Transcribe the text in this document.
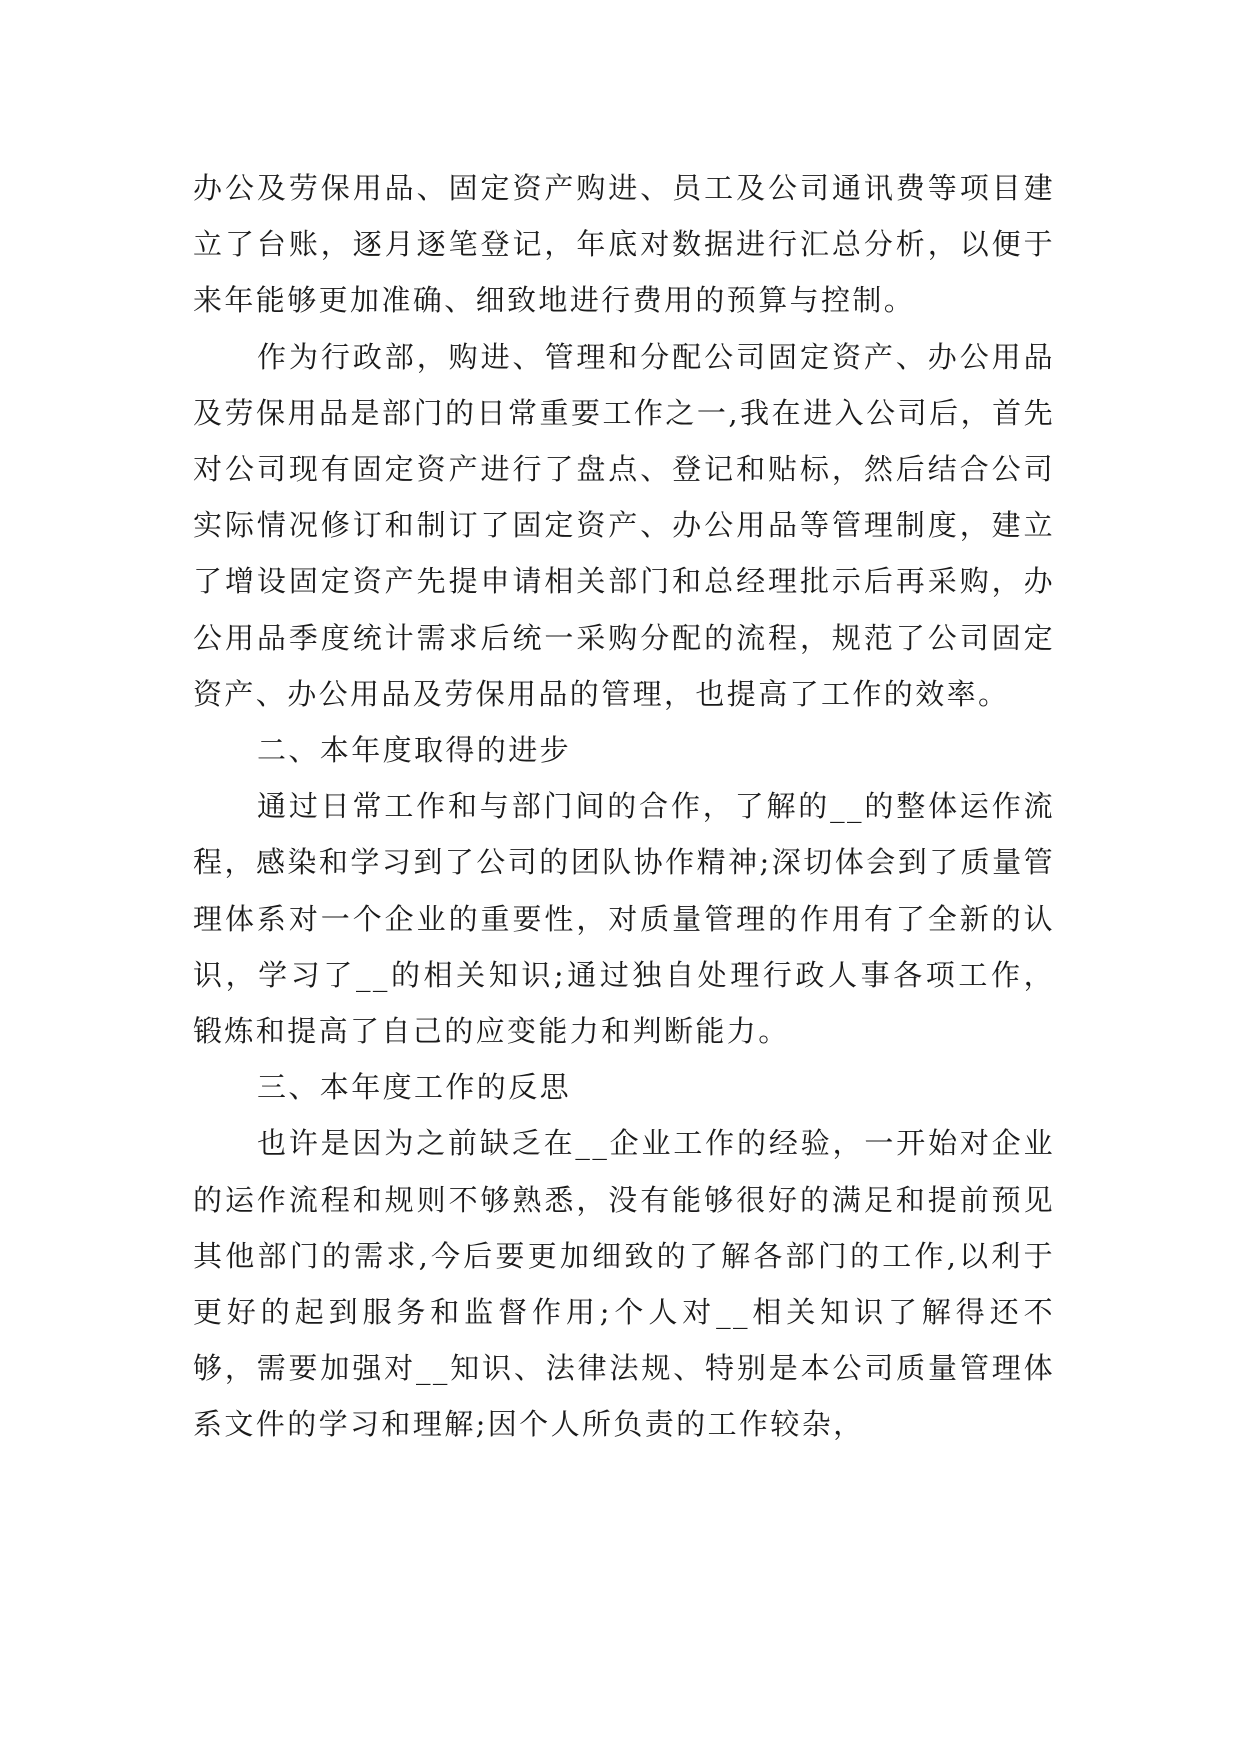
办公及劳保用品、固定资产购进、员工及公司通讯费等项目建立了台账，逐月逐笔登记，年底对数据进行汇总分析，以便于来年能够更加准确、细致地进行费用的预算与控制。

作为行政部，购进、管理和分配公司固定资产、办公用品及劳保用品是部门的日常重要工作之一,我在进入公司后，首先对公司现有固定资产进行了盘点、登记和贴标，然后结合公司实际情况修订和制订了固定资产、办公用品等管理制度，建立了增设固定资产先提申请相关部门和总经理批示后再采购，办公用品季度统计需求后统一采购分配的流程，规范了公司固定资产、办公用品及劳保用品的管理，也提高了工作的效率。

二、本年度取得的进步

通过日常工作和与部门间的合作，了解的__的整体运作流程，感染和学习到了公司的团队协作精神;深切体会到了质量管理体系对一个企业的重要性，对质量管理的作用有了全新的认识，学习了__的相关知识;通过独自处理行政人事各项工作，锻炼和提高了自己的应变能力和判断能力。

三、本年度工作的反思

也许是因为之前缺乏在__企业工作的经验，一开始对企业的运作流程和规则不够熟悉，没有能够很好的满足和提前预见其他部门的需求,今后要更加细致的了解各部门的工作,以利于更好的起到服务和监督作用;个人对__相关知识了解得还不够，需要加强对__知识、法律法规、特别是本公司质量管理体系文件的学习和理解;因个人所负责的工作较杂，
